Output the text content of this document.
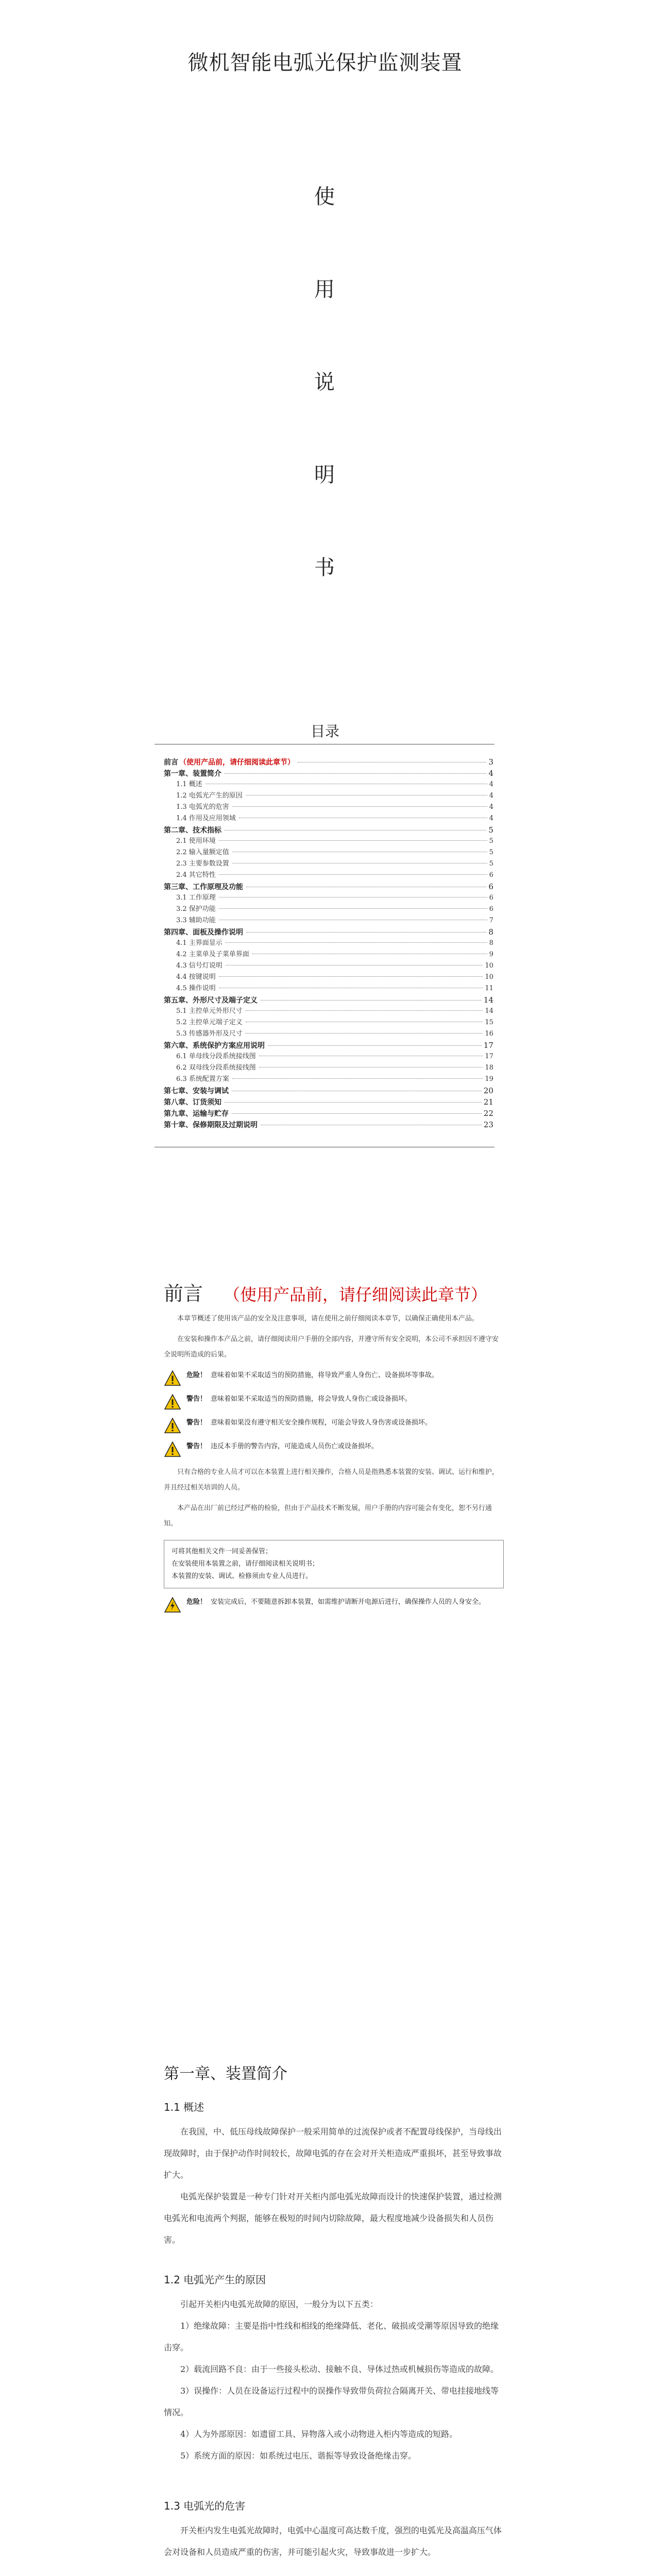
微机智能电弧光保护监测装置
使
用
说
明
书
目录
前言 （使用产品前，请仔细阅读此章节）	3
第一章、装置简介	4
1.1 概述	4
1.2 电弧光产生的原因	4
1.3 电弧光的危害	4
1.4 作用及应用领域	4
第二章、技术指标	5
2.1 使用环境	5
2.2 输入量额定值	5
2.3 主要参数设置	5
2.4 其它特性	6
第三章、工作原理及功能	6
3.1 工作原理	6
3.2 保护功能	6
3.3 辅助功能	7
第四章、面板及操作说明	8
4.1 主界面显示	8
4.2 主菜单及子菜单界面	9
4.3 信号灯说明	10
4.4 按键说明	10
4.5 操作说明	11
第五章、外形尺寸及端子定义	14
5.1 主控单元外形尺寸	14
5.2 主控单元端子定义	15
5.3 传感器外形及尺寸	16
第六章、系统保护方案应用说明	17
6.1 单母线分段系统接线图	17
6.2 双母线分段系统接线图	18
6.3 系统配置方案	19
第七章、安装与调试	20
第八章、订货须知	21
第九章、运输与贮存	22
第十章、保修期限及过期说明	23
前言 （使用产品前，请仔细阅读此章节）

本章节概述了使用该产品的安全及注意事项，请在使用之前仔细阅读本章节，以确保正确使用本产品。

在安装和操作本产品之前，请仔细阅读用户手册的全部内容，并遵守所有安全说明，本公司不承担因不遵守安全说明所造成的后果。

危险！ 意味着如果不采取适当的预防措施，将导致严重人身伤亡、设备损坏等事故。
警告！ 意味着如果不采取适当的预防措施，将会导致人身伤亡或设备损坏。
警告！ 意味着如果没有遵守相关安全操作规程，可能会导致人身伤害或设备损坏。
警告！ 违反本手册的警告内容，可能造成人员伤亡或设备损坏。

只有合格的专业人员才可以在本装置上进行相关操作，合格人员是指熟悉本装置的安装、调试、运行和维护，并且经过相关培训的人员。

本产品在出厂前已经过严格的检验，但由于产品技术不断发展，用户手册的内容可能会有变化，恕不另行通知。

可将其他相关文件一同妥善保管；
在安装使用本装置之前，请仔细阅读相关说明书；
本装置的安装、调试、检修须由专业人员进行。
危险！ 安装完成后，不要随意拆卸本装置，如需维护请断开电源后进行，确保操作人员的人身安全。
第一章、装置简介
1.1 概述

在我国，中、低压母线故障保护一般采用简单的过流保护或者不配置母线保护，当母线出现故障时，由于保护动作时间较长，故障电弧的存在会对开关柜造成严重损坏，甚至导致事故扩大。

电弧光保护装置是一种专门针对开关柜内部电弧光故障而设计的快速保护装置，通过检测电弧光和电流两个判据，能够在极短的时间内切除故障，最大程度地减少设备损失和人员伤害。

1.2 电弧光产生的原因

引起开关柜内电弧光故障的原因，一般分为以下五类：

1）绝缘故障：主要是指中性线和相线的绝缘降低、老化、破损或受潮等原因导致的绝缘击穿。

2）载流回路不良：由于一些接头松动、接触不良、导体过热或机械损伤等造成的故障。

3）误操作：人员在设备运行过程中的误操作导致带负荷拉合隔离开关、带电挂接地线等情况。

4）人为外部原因：如遗留工具、异物落入或小动物进入柜内等造成的短路。

5）系统方面的原因：如系统过电压、谐振等导致设备绝缘击穿。

1.3 电弧光的危害

开关柜内发生电弧光故障时，电弧中心温度可高达数千度，强烈的电弧光及高温高压气体会对设备和人员造成严重的伤害，并可能引起火灾，导致事故进一步扩大。
